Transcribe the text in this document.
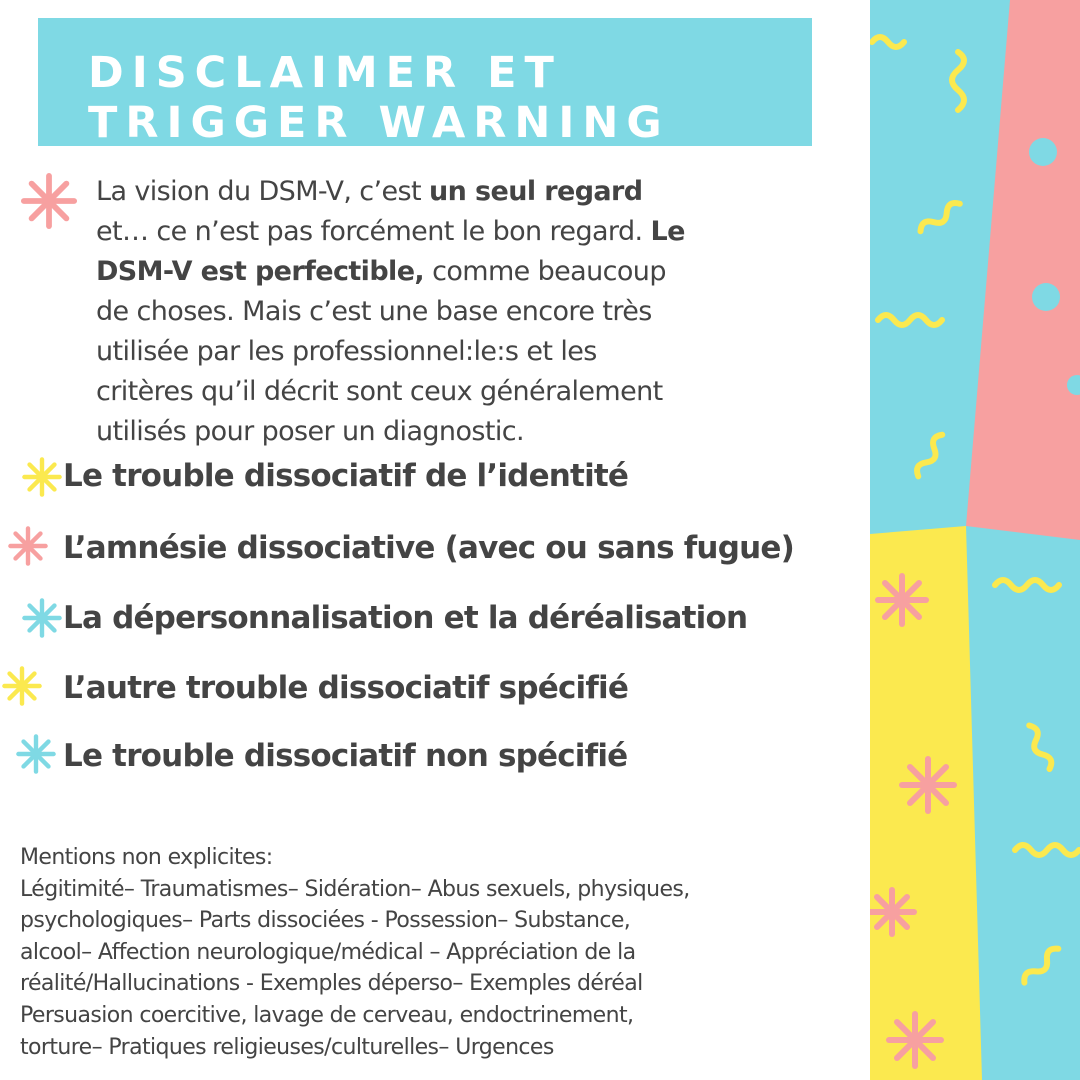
DISCLAIMER ET
TRIGGER WARNING
La vision du DSM-V, c’est un seul regard
et… ce n’est pas forcément le bon regard. Le
DSM-V est perfectible, comme beaucoup
de choses. Mais c’est une base encore très
utilisée par les professionnel:le:s et les
critères qu’il décrit sont ceux généralement
utilisés pour poser un diagnostic.
Le trouble dissociatif de l’identité
L’amnésie dissociative (avec ou sans fugue)
La dépersonnalisation et la déréalisation
L’autre trouble dissociatif spécifié
Le trouble dissociatif non spécifié
Mentions non explicites:
Légitimité– Traumatismes– Sidération– Abus sexuels, physiques,
psychologiques– Parts dissociées - Possession– Substance,
alcool– Affection neurologique/médical – Appréciation de la
réalité/Hallucinations - Exemples déperso– Exemples déréal
Persuasion coercitive, lavage de cerveau, endoctrinement,
torture– Pratiques religieuses/culturelles– Urgences
